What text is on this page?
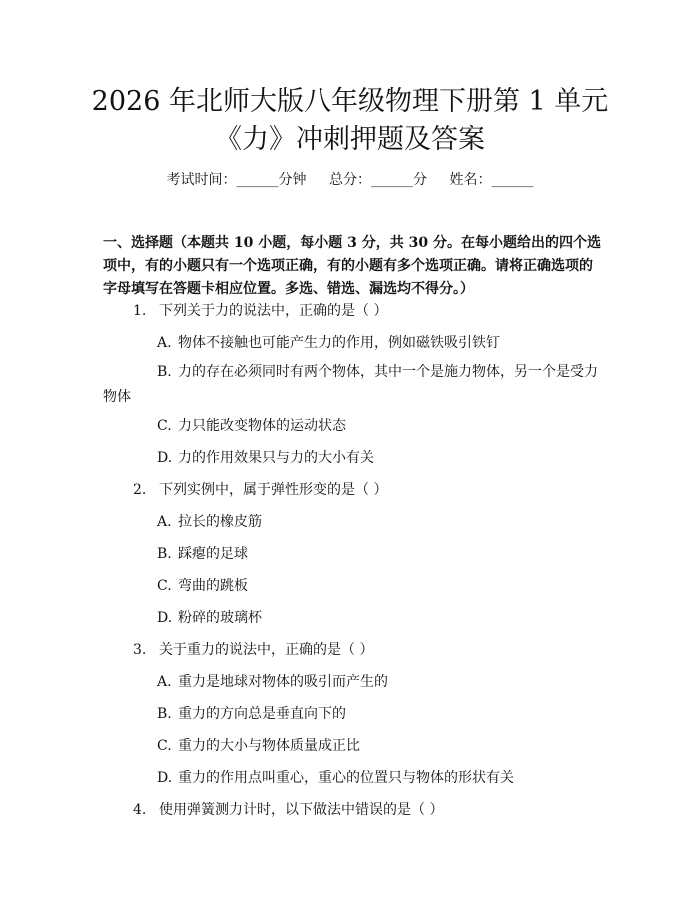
2026 年北师大版八年级物理下册第 1 单元
《力》冲刺押题及答案
考试时间：______分钟 总分：______分 姓名：______
一、选择题（本题共 10 小题，每小题 3 分，共 30 分。在每小题给出的四个选项中，有的小题只有一个选项正确，有的小题有多个选项正确。请将正确选项的字母填写在答题卡相应位置。多选、错选、漏选均不得分。）
1. 下列关于力的说法中，正确的是（ ）
A. 物体不接触也可能产生力的作用，例如磁铁吸引铁钉
B. 力的存在必须同时有两个物体，其中一个是施力物体，另一个是受力物体
C. 力只能改变物体的运动状态
D. 力的作用效果只与力的大小有关
2. 下列实例中，属于弹性形变的是（ ）
A. 拉长的橡皮筋
B. 踩瘪的足球
C. 弯曲的跳板
D. 粉碎的玻璃杯
3. 关于重力的说法中，正确的是（ ）
A. 重力是地球对物体的吸引而产生的
B. 重力的方向总是垂直向下的
C. 重力的大小与物体质量成正比
D. 重力的作用点叫重心，重心的位置只与物体的形状有关
4. 使用弹簧测力计时，以下做法中错误的是（ ）
